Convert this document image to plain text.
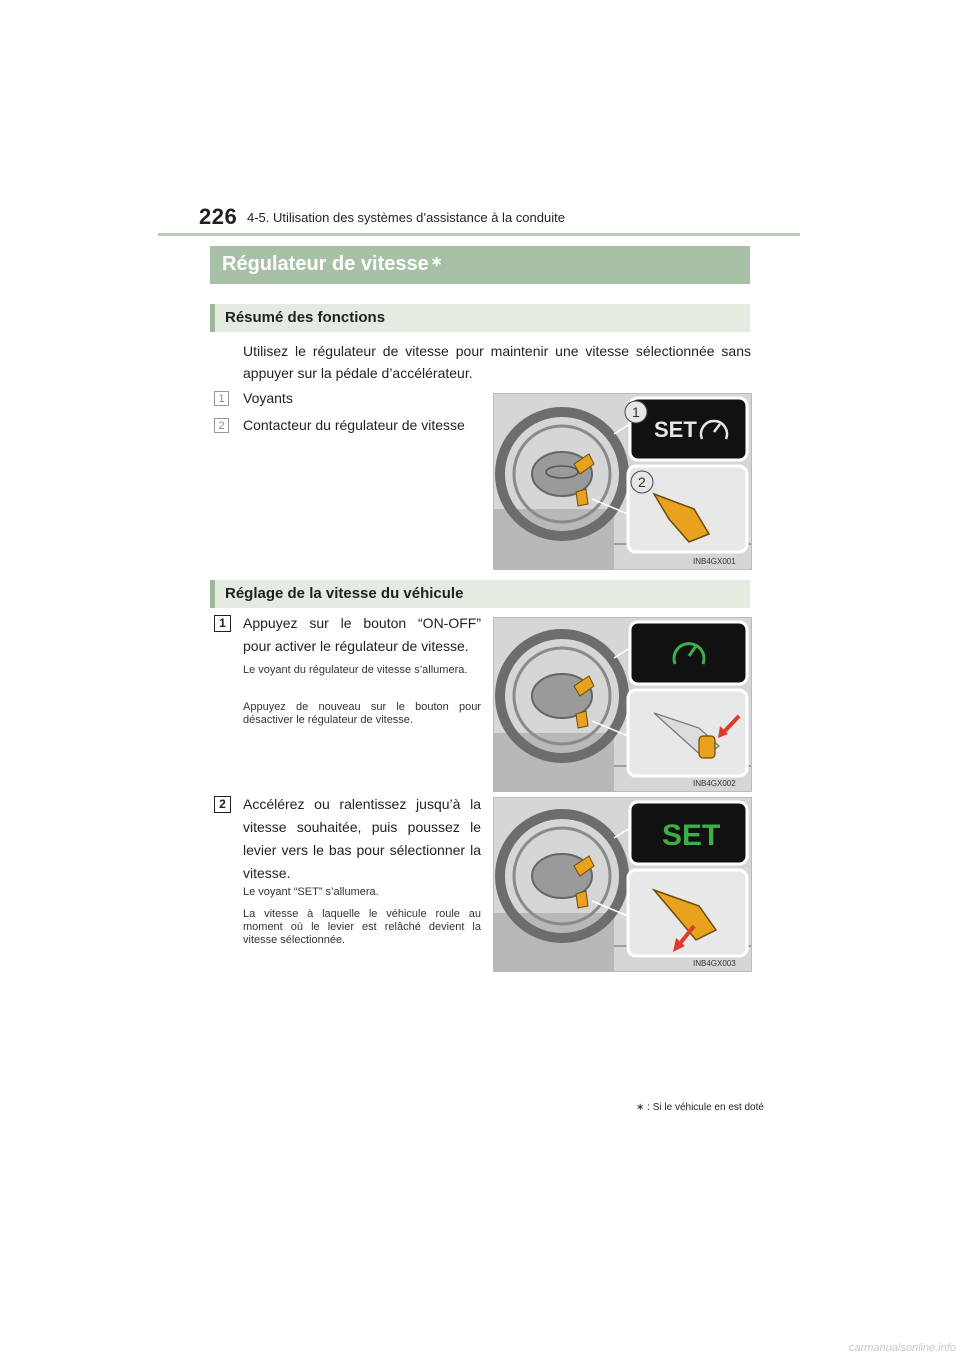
226 4-5. Utilisation des systèmes d’assistance à la conduite
Régulateur de vitesse ∗
Résumé des fonctions
Utilisez le régulateur de vitesse pour maintenir une vitesse sélectionnée sans appuyer sur la pédale d’accélérateur.
1	Voyants
2	Contacteur du régulateur de vitesse	SET
1
2
INB4GX001
Réglage de la vitesse du véhicule
1	Appuyez sur le bouton “ON-OFF” pour activer le régulateur de vitesse.
Le voyant du régulateur de vitesse s’allumera.
Appuyez de nouveau sur le bouton pour désactiver le régulateur de vitesse.
INB4GX002
2	Accélérez ou ralentissez jusqu’à la vitesse souhaitée, puis poussez le levier vers le bas pour sélectionner la vitesse.
Le voyant “SET” s’allumera.
La vitesse à laquelle le véhicule roule au moment où le levier est relâché devient la vitesse sélectionnée.
SET
INB4GX003
∗ : Si le véhicule en est doté
carmanualsonline.info
